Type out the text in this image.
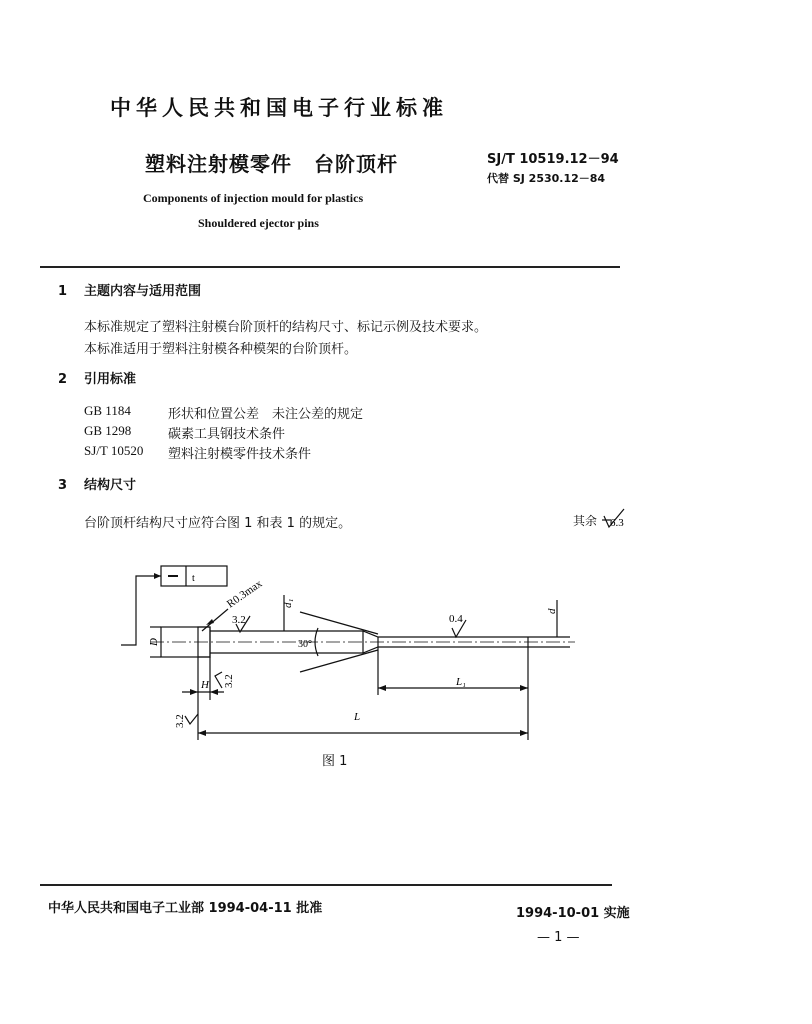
中华人民共和国电子行业标准
塑料注射模零件 台阶顶杆	SJ/T 10519.12－94
代替 SJ 2530.12－84
Components of injection mould for plastics
Shouldered ejector pins
1 主题内容与适用范围
本标准规定了塑料注射模台阶顶杆的结构尺寸、标记示例及技术要求。
本标准适用于塑料注射模各种模架的台阶顶杆。
2 引用标准
GB 1184	形状和位置公差　未注公差的规定
GB 1298	碳素工具钢技术条件
SJ/T 10520 塑料注射模零件技术条件
3 结构尺寸
台阶顶杆结构尺寸应符合图 1 和表 1 的规定。	其余
t	R0.3max
3.2
3.2
3.2
0.4
6.3
d₁
d
D
H
30°
L₁
L
图 1
中华人民共和国电子工业部 1994-04-11 批准	1994-10-01 实施
— 1 —
